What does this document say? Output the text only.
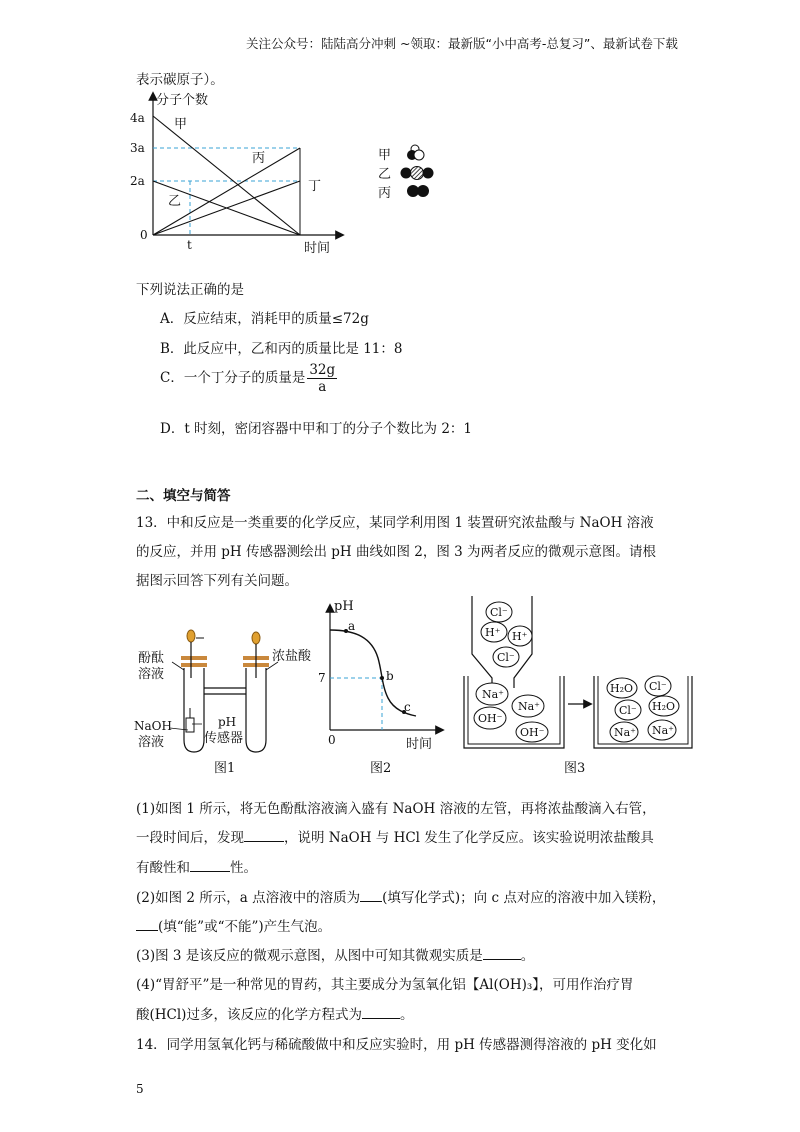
关注公众号：陆陆高分冲刺 ~领取：最新版“小中高考-总复习”、最新试卷下载
表示碳原子）。
分子个数
4a
3a
2a
0
t	时间
甲
乙
丙
丁
甲
乙
丙
下列说法正确的是
A．反应结束，消耗甲的质量≤72g
B．此反应中，乙和丙的质量比是 11：8
C．一个丁分子的质量是 $\frac{32g}{a}$
D．t 时刻，密闭容器中甲和丁的分子个数比为 2：1
二、填空与简答
13．中和反应是一类重要的化学反应，某同学利用图 1 装置研究浓盐酸与 NaOH 溶液
的反应，并用 pH 传感器测绘出 pH 曲线如图 2，图 3 为两者反应的微观示意图。请根
据图示回答下列有关问题。
酚酞
溶液
浓盐酸
NaOH
溶液
pH
传感器
图1
pH
a
b
c
7
0	时间
图2
Cl⁻
H⁺ H⁺
Cl⁻
Na⁺
Na⁺
OH⁻
OH⁻
H₂O Cl⁻
Cl⁻ H₂O
Na⁺ Na⁺
图3
(1)如图 1 所示，将无色酚酞溶液滴入盛有 NaOH 溶液的左管，再将浓盐酸滴入右管，
一段时间后，发现	，说明 NaOH 与 HCl 发生了化学反应。该实验说明浓盐酸具
有酸性和	性。
(2)如图 2 所示，a 点溶液中的溶质为 (填写化学式)；向 c 点对应的溶液中加入镁粉，
(填“能”或“不能”)产生气泡。
(3)图 3 是该反应的微观示意图，从图中可知其微观实质是	。
(4)“胃舒平”是一种常见的胃药，其主要成分为氢氧化铝【Al(OH)₃】，可用作治疗胃
酸(HCl)过多，该反应的化学方程式为	。
14．同学用氢氧化钙与稀硫酸做中和反应实验时，用 pH 传感器测得溶液的 pH 变化如
5
